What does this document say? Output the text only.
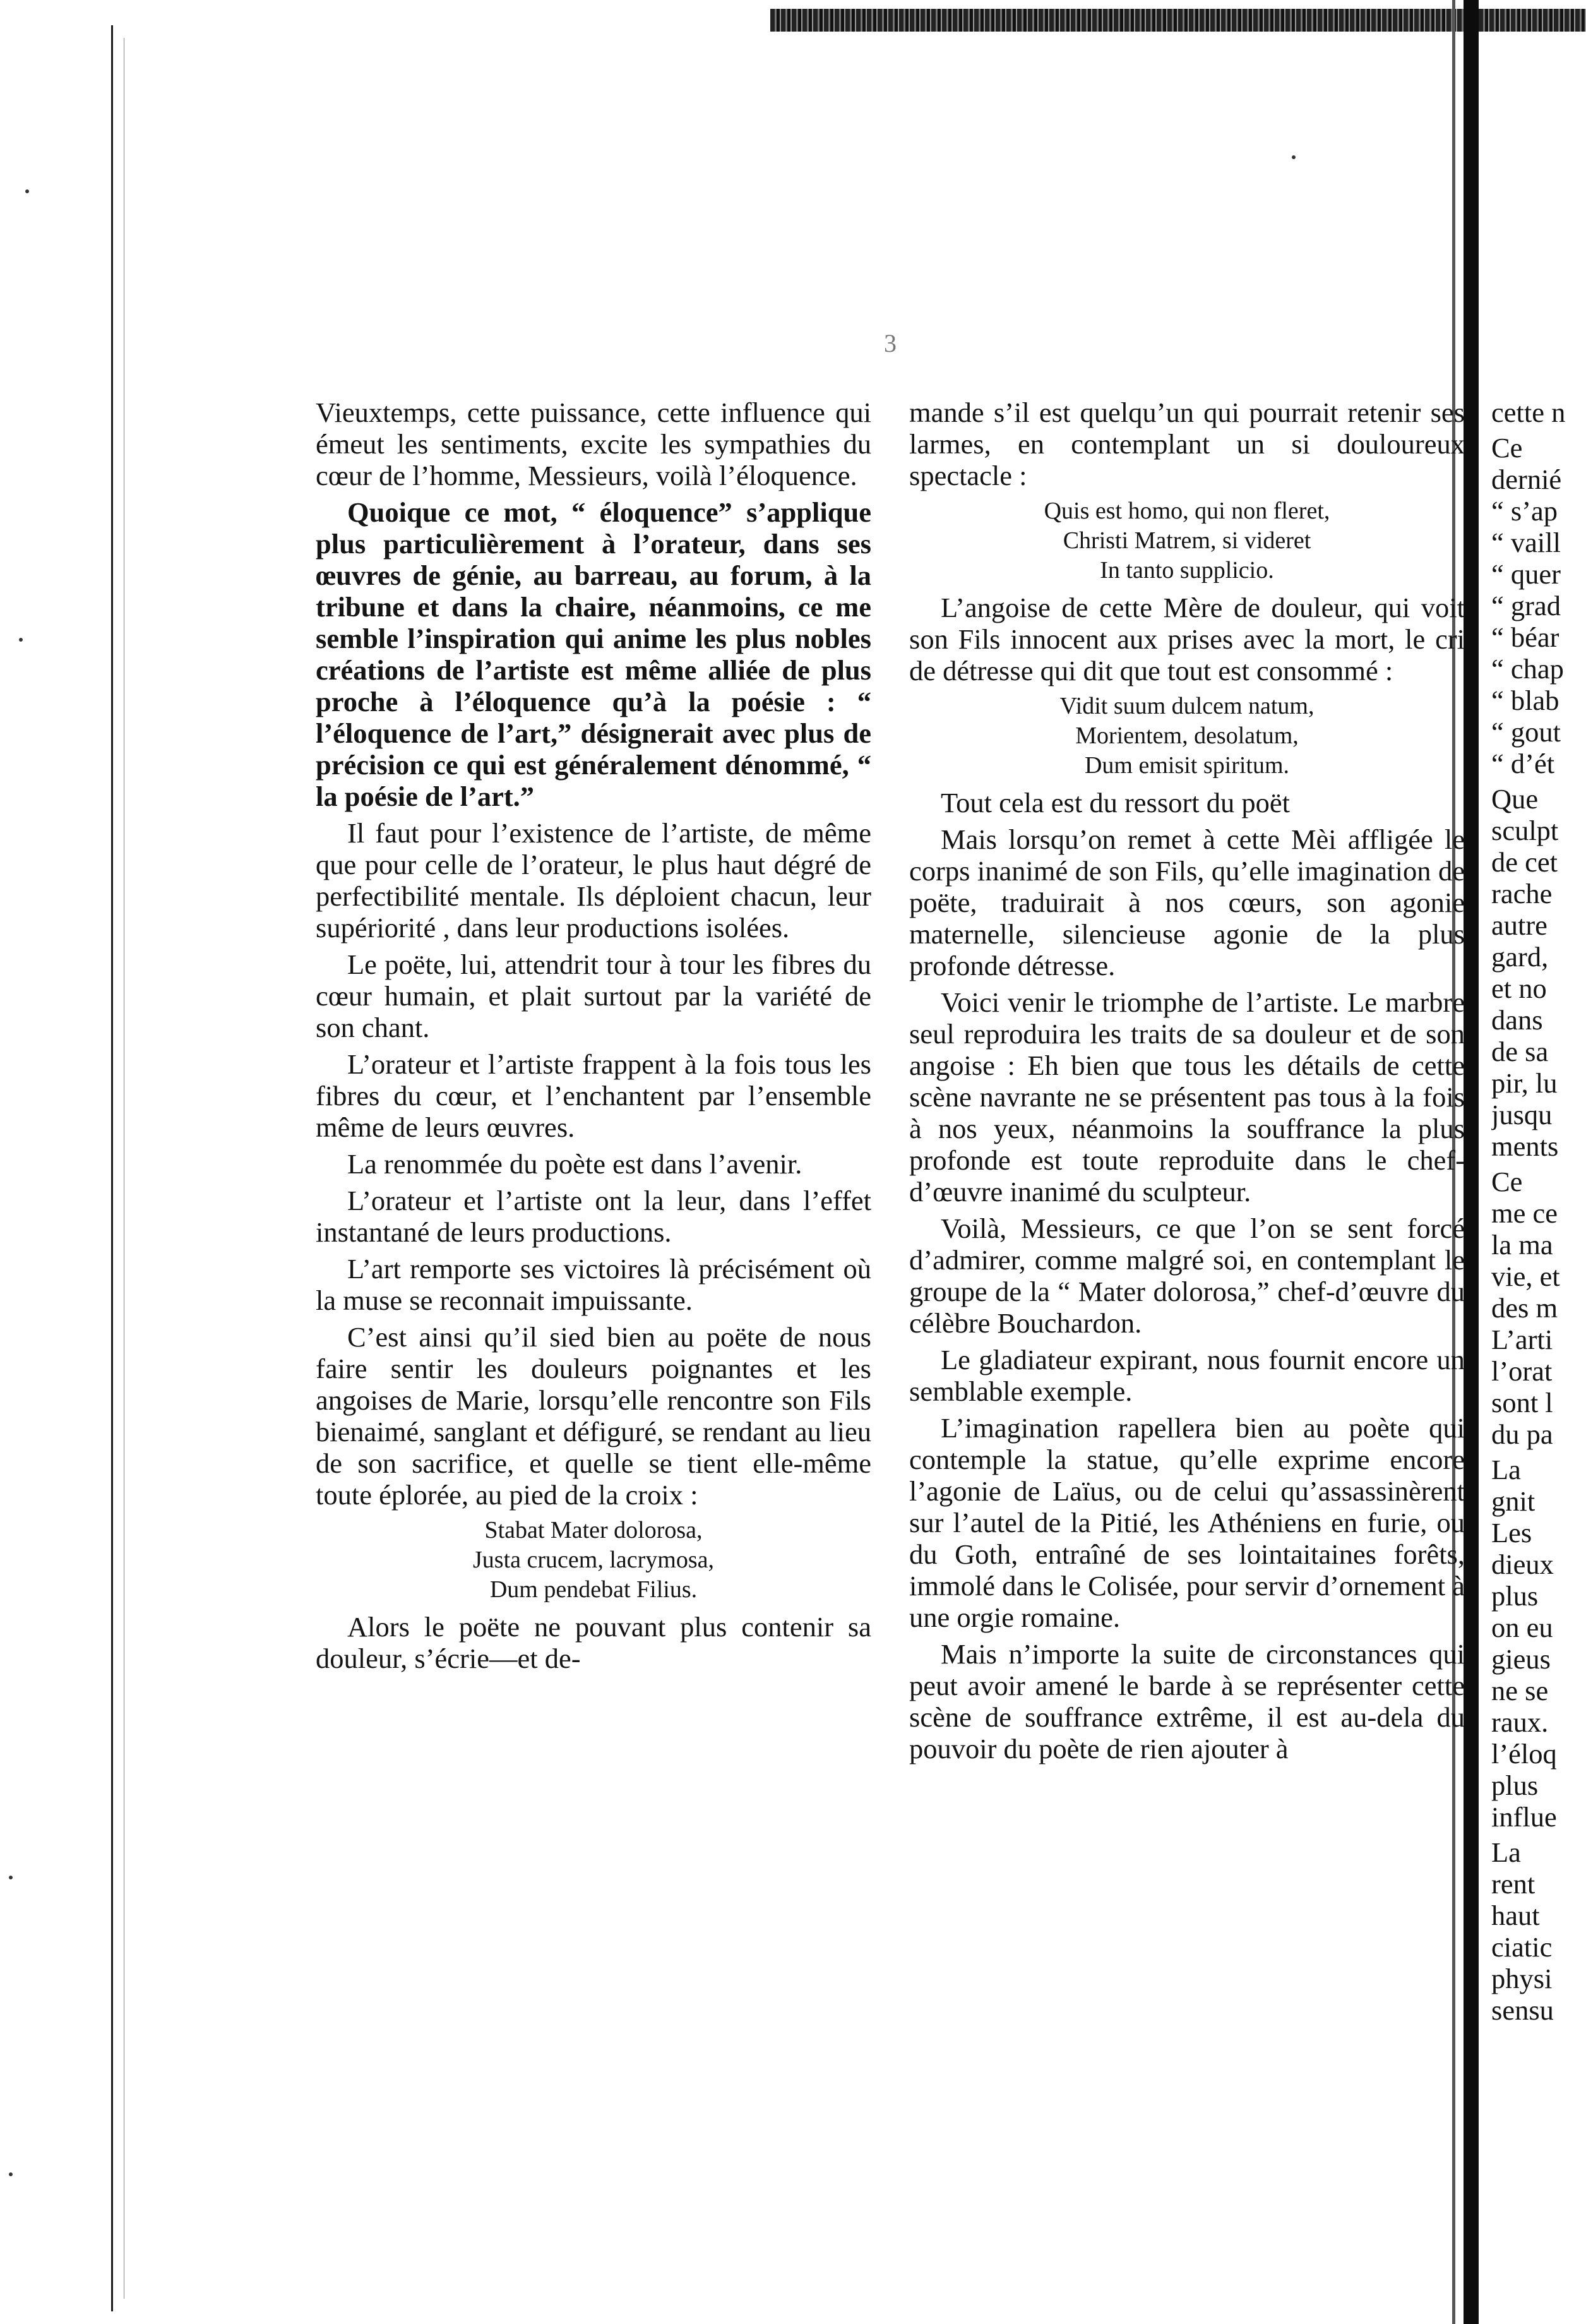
3

Vieuxtemps, cette puissance, cette influence qui émeut les sentiments, excite les sympathies du cœur de l’homme, Messieurs, voilà l’éloquence.

Quoique ce mot, “ éloquence” s’applique plus particulièrement à l’orateur, dans ses œuvres de génie, au barreau, au forum, à la tribune et dans la chaire, néanmoins, ce me semble l’inspiration qui anime les plus nobles créations de l’artiste est même alliée de plus proche à l’éloquence qu’à la poésie : “ l’éloquence de l’art,” désignerait avec plus de précision ce qui est généralement dénommé, “ la poésie de l’art.”

Il faut pour l’existence de l’artiste, de même que pour celle de l’orateur, le plus haut dégré de perfectibilité mentale. Ils déploient chacun, leur supériorité , dans leur productions isolées.

Le poëte, lui, attendrit tour à tour les fibres du cœur humain, et plait surtout par la variété de son chant.

L’orateur et l’artiste frappent à la fois tous les fibres du cœur, et l’enchantent par l’ensemble même de leurs œuvres.

La renommée du poète est dans l’avenir.

L’orateur et l’artiste ont la leur, dans l’effet instantané de leurs productions.

L’art remporte ses victoires là précisément où la muse se reconnait impuissante.

C’est ainsi qu’il sied bien au poëte de nous faire sentir les douleurs poignantes et les angoises de Marie, lorsqu’elle rencontre son Fils bienaimé, sanglant et défiguré, se rendant au lieu de son sacrifice, et quelle se tient elle-même toute éplorée, au pied de la croix :

Stabat Mater dolorosa,
Justa crucem, lacrymosa,
Dum pendebat Filius.

Alors le poëte ne pouvant plus contenir sa douleur, s’écrie—et de-

mande s’il est quelqu’un qui pourrait retenir ses larmes, en contemplant un si douloureux spectacle :

Quis est homo, qui non fleret,
Christi Matrem, si videret
In tanto supplicio.

L’angoise de cette Mère de douleur, qui voit son Fils innocent aux prises avec la mort, le cri de détresse qui dit que tout est consommé :

Vidit suum dulcem natum,
Morientem, desolatum,
Dum emisit spiritum.

Tout cela est du ressort du poët

Mais lorsqu’on remet à cette Mèi affligée le corps inanimé de son Fils, qu’elle imagination de poëte, traduirait à nos cœurs, son agonie maternelle, silencieuse agonie de la plus profonde détresse.

Voici venir le triomphe de l’artiste. Le marbre seul reproduira les traits de sa douleur et de son angoise : Eh bien que tous les détails de cette scène navrante ne se présentent pas tous à la fois à nos yeux, néanmoins la souffrance la plus profonde est toute reproduite dans le chef-d’œuvre inanimé du sculpteur.

Voilà, Messieurs, ce que l’on se sent forcé d’admirer, comme malgré soi, en contemplant le groupe de la “ Mater dolorosa,” chef-d’œuvre du célèbre Bouchardon.

Le gladiateur expirant, nous fournit encore un semblable exemple.

L’imagination rapellera bien au poète qui contemple la statue, qu’elle exprime encore l’agonie de Laïus, ou de celui qu’assassinèrent sur l’autel de la Pitié, les Athéniens en furie, ou du Goth, entraîné de ses lointaitaines forêts, immolé dans le Colisée, pour servir d’ornement à une orgie romaine.

Mais n’importe la suite de circonstances qui peut avoir amené le barde à se représenter cette scène de souffrance extrême, il est au-dela du pouvoir du poète de rien ajouter à

cette n
Ce
dernié
“ s’ap
“ vaill
“ quer
“ grad
“ béar
“ chap
“ blab
“ gout
“ d’ét
Que
sculpt
de cet
rache
autre
gard,
et no
dans
de sa
pir, lu
jusqu
ments
Ce
me ce
la ma
vie, et
des m
L’arti
l’orat
sont l
du pa
La
gnit
Les
dieux
plus
on eu
gieus
ne se
raux.
l’éloq
plus
influe
La
rent
haut
ciatic
physi
sensu
